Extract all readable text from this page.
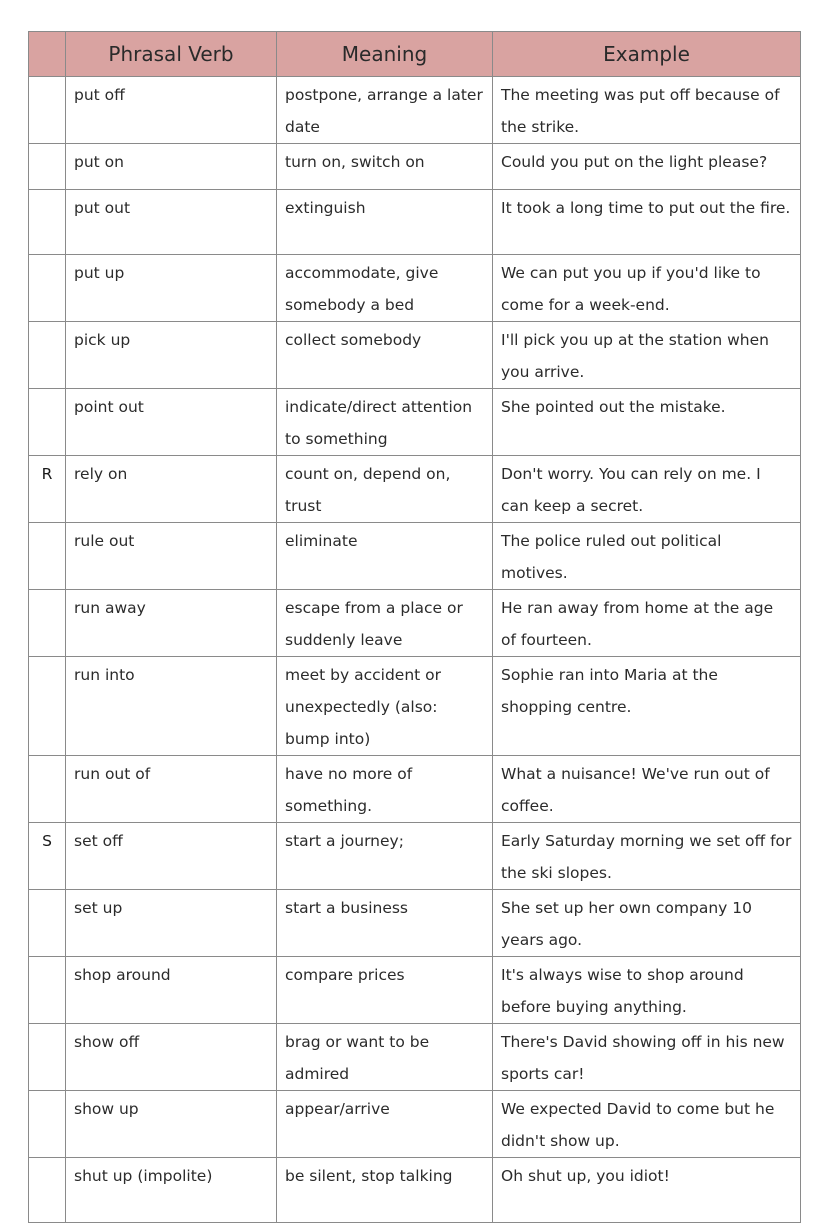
	Phrasal Verb	Meaning	Example
	put off	postpone, arrange a later date	The meeting was put off because of the strike.
	put on	turn on, switch on	Could you put on the light please?
	put out	extinguish	It took a long time to put out the fire.
	put up	accommodate, give somebody a bed	We can put you up if you'd like to come for a week-end.
	pick up	collect somebody	I'll pick you up at the station when you arrive.
	point out	indicate/direct attention to something	She pointed out the mistake.
R	rely on	count on, depend on, trust	Don't worry. You can rely on me. I can keep a secret.
	rule out	eliminate	The police ruled out political motives.
	run away	escape from a place or suddenly leave	He ran away from home at the age of fourteen.
	run into	meet by accident or unexpectedly (also: bump into)	Sophie ran into Maria at the shopping centre.
	run out of	have no more of something.	What a nuisance! We've run out of coffee.
S	set off	start a journey;	Early Saturday morning we set off for the ski slopes.
	set up	start a business	She set up her own company 10 years ago.
	shop around	compare prices	It's always wise to shop around before buying anything.
	show off	brag or want to be admired	There's David showing off in his new sports car!
	show up	appear/arrive	We expected David to come but he didn't show up.
	shut up (impolite)	be silent, stop talking	Oh shut up, you idiot!
